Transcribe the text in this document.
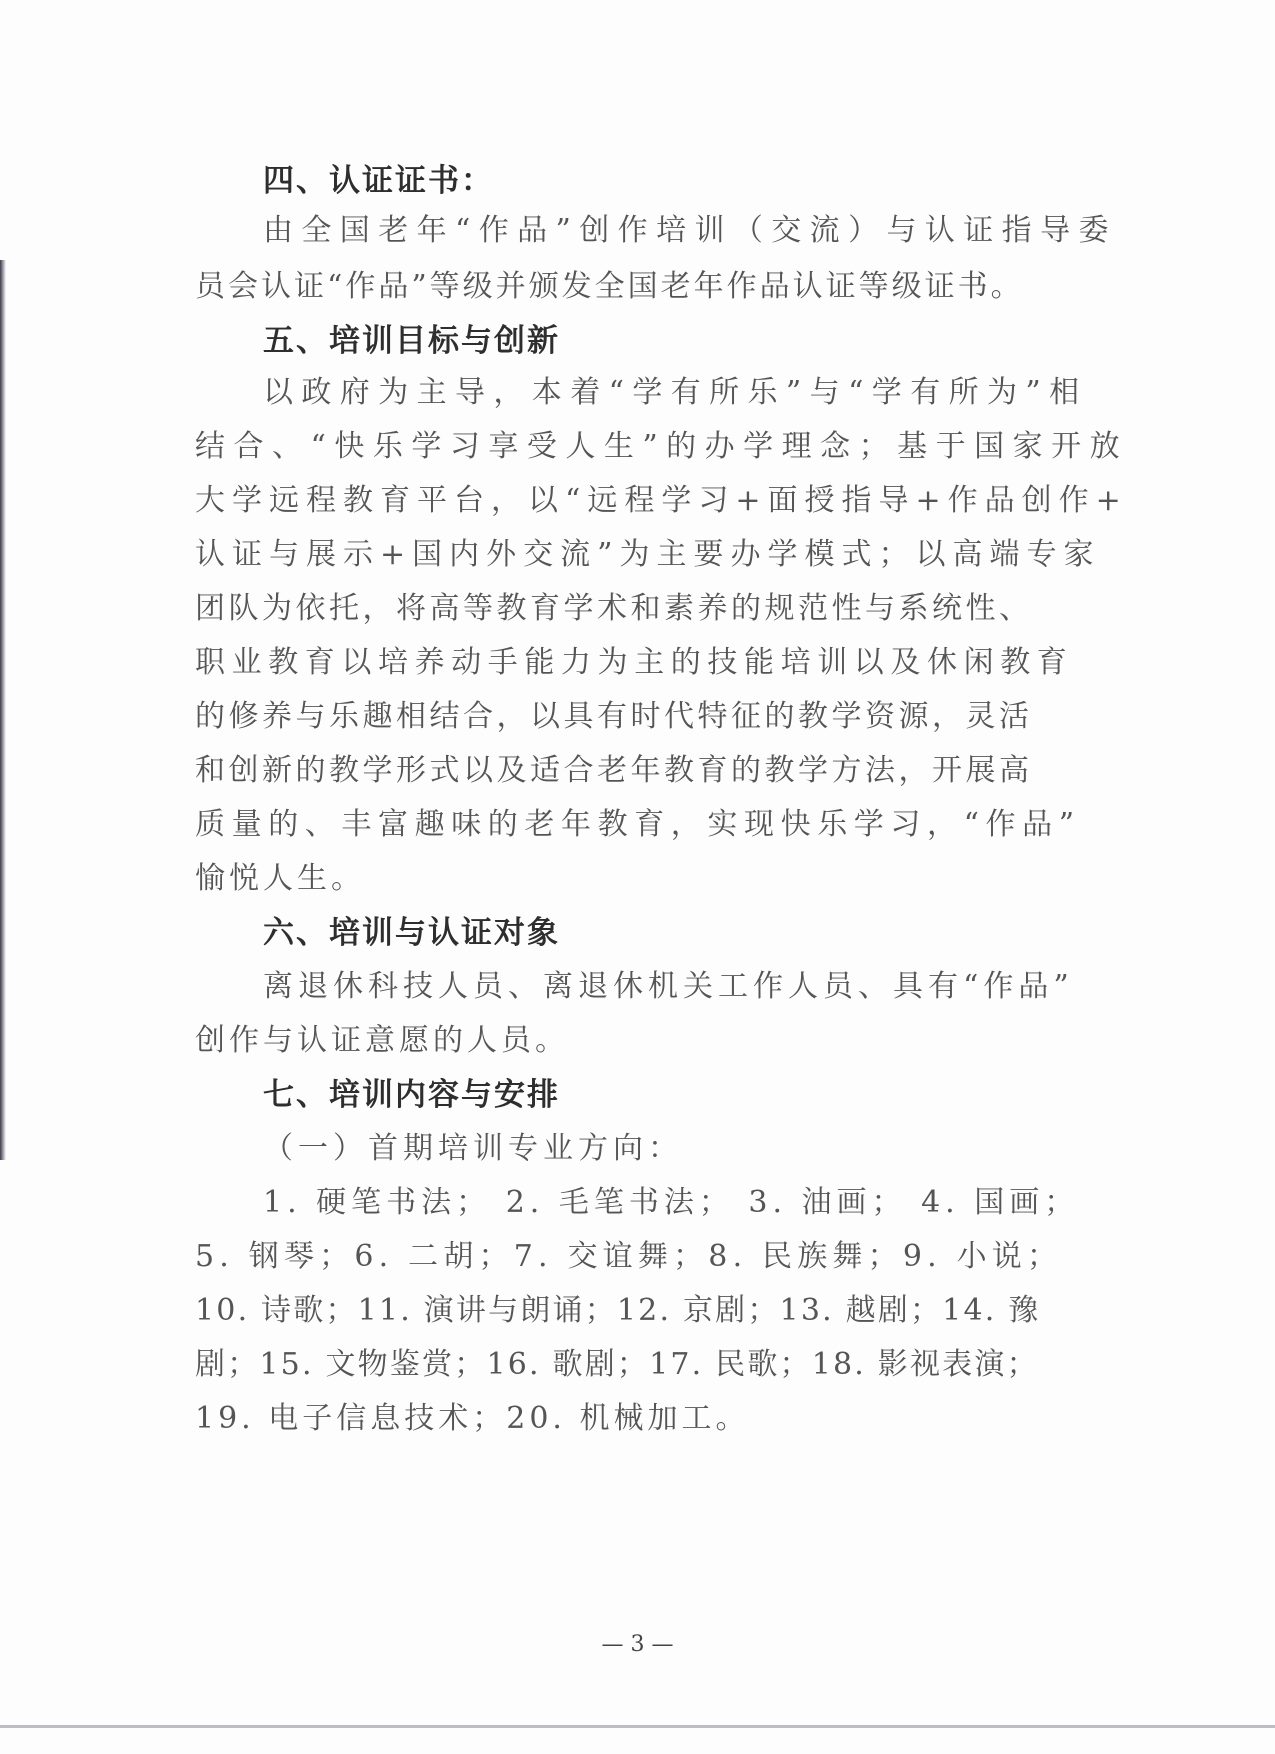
四、认证证书：
由全国老年“作品”创作培训（交流）与认证指导委
员会认证“作品”等级并颁发全国老年作品认证等级证书。
五、培训目标与创新
以政府为主导，本着“学有所乐”与“学有所为”相
结合、“快乐学习享受人生”的办学理念；基于国家开放
大学远程教育平台，以“远程学习+面授指导+作品创作+
认证与展示+国内外交流”为主要办学模式；以高端专家
团队为依托，将高等教育学术和素养的规范性与系统性、
职业教育以培养动手能力为主的技能培训以及休闲教育
的修养与乐趣相结合，以具有时代特征的教学资源，灵活
和创新的教学形式以及适合老年教育的教学方法，开展高
质量的、丰富趣味的老年教育，实现快乐学习，“作品”
愉悦人生。
六、培训与认证对象
离退休科技人员、离退休机关工作人员、具有“作品”
创作与认证意愿的人员。
七、培训内容与安排
（一）首期培训专业方向：
1. 硬笔书法； 2. 毛笔书法； 3. 油画； 4. 国画；
5. 钢琴；6. 二胡；7. 交谊舞；8. 民族舞；9. 小说；
10. 诗歌；11. 演讲与朗诵；12. 京剧；13. 越剧；14. 豫
剧；15. 文物鉴赏；16. 歌剧；17. 民歌；18. 影视表演；
19. 电子信息技术；20. 机械加工。
— 3 —
